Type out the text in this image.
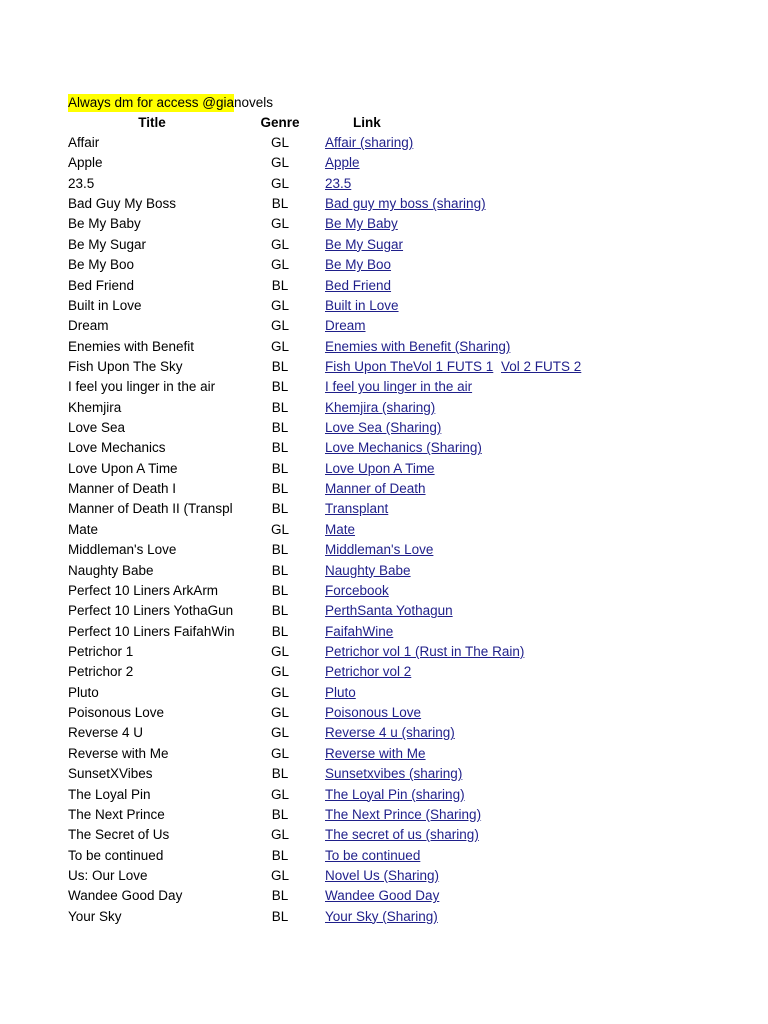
Always dm for access @gianovels
Title	Genre	Link
Affair	GL	Affair (sharing)
Apple	GL	Apple
23.5	GL	23.5
Bad Guy My Boss	BL	Bad guy my boss (sharing)
Be My Baby	GL	Be My Baby
Be My Sugar	GL	Be My Sugar
Be My Boo	GL	Be My Boo
Bed Friend	BL	Bed Friend
Built in Love	GL	Built in Love
Dream	GL	Dream
Enemies with Benefit	GL	Enemies with Benefit (Sharing)
Fish Upon The Sky	BL	Fish Upon The Vol 1 FUTS 1 Vol 2 FUTS 2
I feel you linger in the air	BL	I feel you linger in the air
Khemjira	BL	Khemjira (sharing)
Love Sea	BL	Love Sea (Sharing)
Love Mechanics	BL	Love Mechanics (Sharing)
Love Upon A Time	BL	Love Upon A Time
Manner of Death I	BL	Manner of Death
Manner of Death II (Transpl	BL	Transplant
Mate	GL	Mate
Middleman's Love	BL	Middleman's Love
Naughty Babe	BL	Naughty Babe
Perfect 10 Liners ArkArm	BL	Forcebook
Perfect 10 Liners YothaGun	BL	PerthSanta Yothagun
Perfect 10 Liners FaifahWin	BL	FaifahWine
Petrichor 1	GL	Petrichor vol 1 (Rust in The Rain)
Petrichor 2	GL	Petrichor vol 2
Pluto	GL	Pluto
Poisonous Love	GL	Poisonous Love
Reverse 4 U	GL	Reverse 4 u (sharing)
Reverse with Me	GL	Reverse with Me
SunsetXVibes	BL	Sunsetxvibes (sharing)
The Loyal Pin	GL	The Loyal Pin (sharing)
The Next Prince	BL	The Next Prince (Sharing)
The Secret of Us	GL	The secret of us (sharing)
To be continued	BL	To be continued
Us: Our Love	GL	Novel Us (Sharing)
Wandee Good Day	BL	Wandee Good Day
Your Sky	BL	Your Sky (Sharing)
